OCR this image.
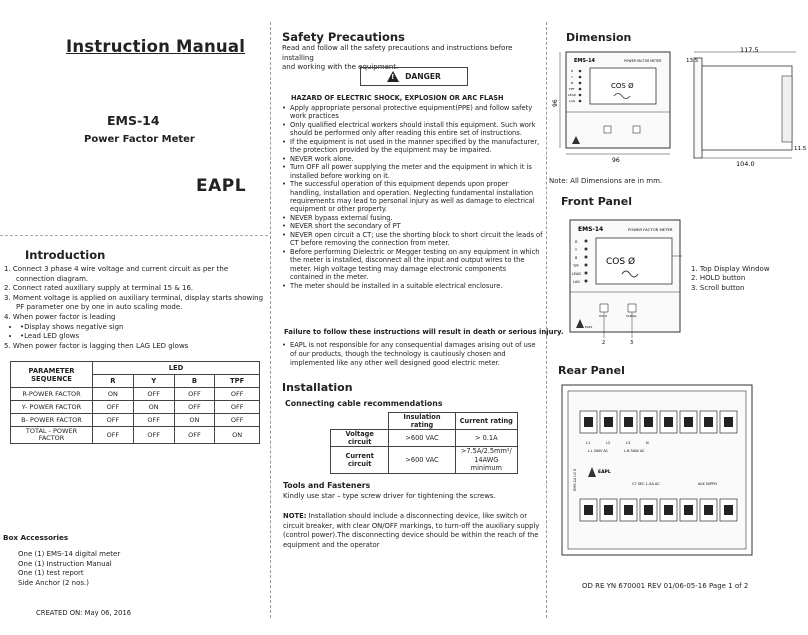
Instruction Manual
EMS-14
Power Factor Meter
EAPL
Introduction
1. Connect 3 phase 4 wire voltage and current circuit as per the
connection diagram.
2. Connect rated auxiliary supply at terminal 15 & 16.
3. Moment voltage is applied on auxiliary terminal, display starts showing
PF parameter one by one in auto scaling mode.
4. When power factor is leading
• • Display shows negative sign
• • Lead LED glows
5. When power factor is lagging then LAG LED glows
PARAMETER SEQUENCE	LED			
	R	Y	B	TPF
R-POWER FACTOR	ON	OFF	OFF	OFF
Y- POWER FACTOR	OFF	ON	OFF	OFF
B- POWER FACTOR	OFF	OFF	ON	OFF
TOTAL - POWER FACTOR	OFF	OFF	OFF	ON
Box Accessories
One (1) EMS-14 digital meter
One (1) Instruction Manual
One (1) test report
Side Anchor (2 nos.)
CREATED ON: May 06, 2016
Safety Precautions
Read and follow all the safety precautions and instructions before installing
and working with the equipment.
!
DANGER
HAZARD OF ELECTRIC SHOCK, EXPLOSION OR ARC FLASH
• Apply appropriate personal protective equipment(PPE) and follow safety
work practices
• Only qualified electrical workers should install this equipment. Such work
should be performed only after reading this entire set of instructions.
• If the equipment is not used in the manner specified by the manufacturer,
the protection provided by the equipment may be impaired.
• NEVER work alone.
• Turn OFF all power supplying the meter and the equipment in which it is
installed before working on it.
• The successful operation of this equipment depends upon proper
handling, installation and operation. Neglecting fundamental installation
requirements may lead to personal injury as well as damage to electrical
equipment or other property.
• NEVER bypass external fusing.
• NEVER short the secondary of PT
• NEVER open circuit a CT; use the shorting block to short circuit the leads of
CT before removing the connection from meter.
• Before performing Dielectric or Megger testing on any equipment in which
the meter is installed, disconnect all the input and output wires to the
meter. High voltage testing may damage electronic components
contained in the meter.
• The meter should be installed in a suitable electrical enclosure.
Failure to follow these instructions will result in death or serious injury.
• EAPL is not responsible for any consequential damages arising out of use
of our products, though the technology is cautiously chosen and
implemented like any other well designed good electric meter.
Installation
Connecting cable recommendations
	Insulation rating	Current rating
Voltage circuit	>600 VAC	> 0.1A
Current circuit	>600 VAC	>7.5A/2.5mm²/
14AWG minimum
Tools and Fasteners
Kindly use star – type screw driver for tightening the screws.
NOTE: Installation should include a disconnecting device, like switch or
circuit breaker, with clear ON/OFF markings, to turn-off the auxiliary supply
(control power).The disconnecting device should be within the reach of the
equipment and the operator
Dimension
EMS-14	POWER FACTOR METER
COS Ø
R
Y
B
TPF
LEAD
LAG
96
96
117.5
13.5
11.5
104.0
Note: All Dimensions are in mm.
Front Panel
EMS-14	POWER FACTOR METER
COS Ø
R
Y
B
TPF
LEAD
LAG
HOLD	SCROLL
EAPL
2	3
1. Top Display Window
2. HOLD button
3. Scroll button
Rear Panel
L1	L2	L3	N
L-L 500V AC	L-N 300V AC
EAPL
CT SEC 1-5A AC	AUX SUPPLY
EMS-14 LG 0
OD RE YN 670001 REV 01/06-05-16 Page 1 of 2
